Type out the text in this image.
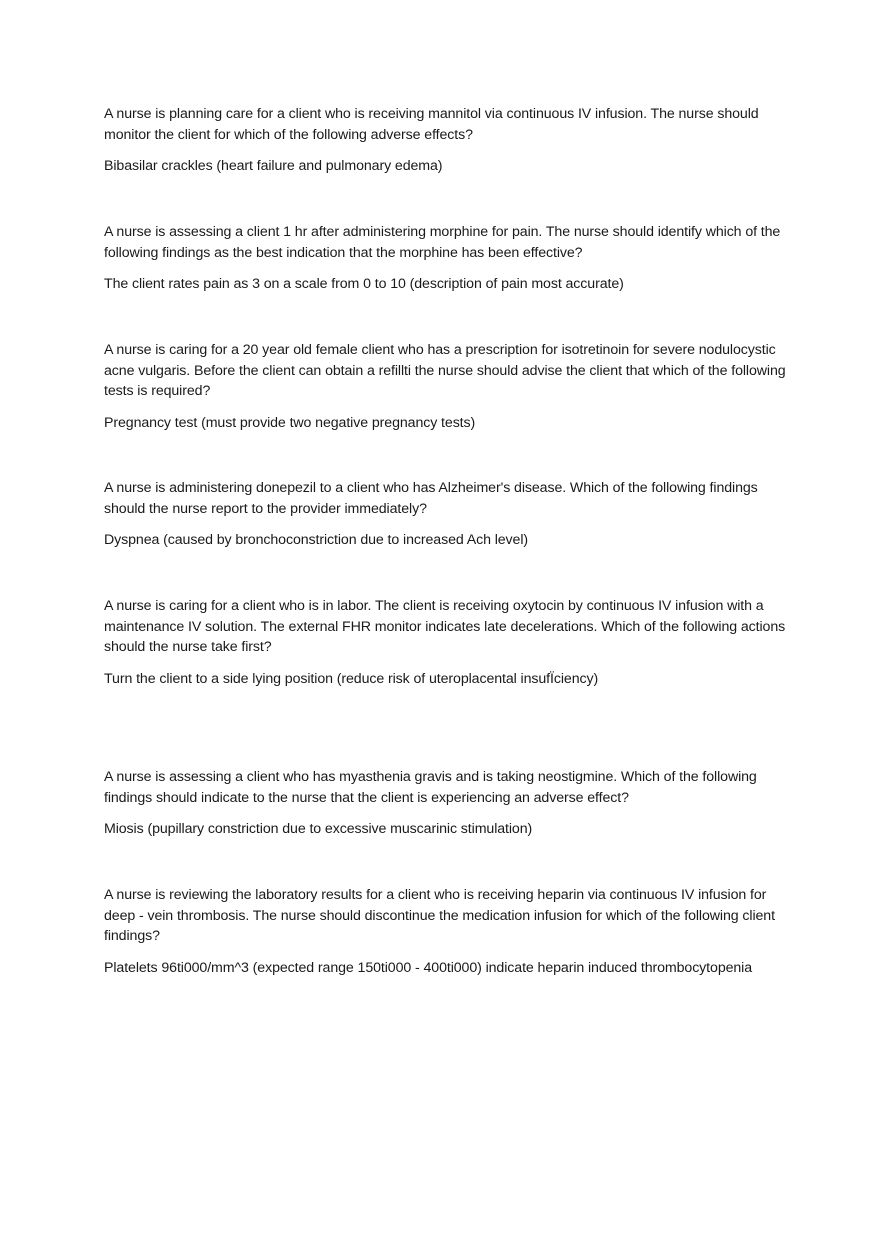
A nurse is planning care for a client who is receiving mannitol via continuous IV infusion. The nurse should monitor the client for which of the following adverse effects?

Bibasilar crackles (heart failure and pulmonary edema)

A nurse is assessing a client 1 hr after administering morphine for pain. The nurse should identify which of the following findings as the best indication that the morphine has been effective?

The client rates pain as 3 on a scale from 0 to 10 (description of pain most accurate)

A nurse is caring for a 20 year old female client who has a prescription for isotretinoin for severe nodulocystic acne vulgaris. Before the client can obtain a refillti the nurse should advise the client that which of the following tests is required?

Pregnancy test (must provide two negative pregnancy tests)

A nurse is administering donepezil to a client who has Alzheimer's disease. Which of the following findings should the nurse report to the provider immediately?

Dyspnea (caused by bronchoconstriction due to increased Ach level)

A nurse is caring for a client who is in labor. The client is receiving oxytocin by continuous IV infusion with a maintenance IV solution. The external FHR monitor indicates late decelerations. Which of the following actions should the nurse take first?

Turn the client to a side lying position (reduce risk of uteroplacental insufÏciency)

A nurse is assessing a client who has myasthenia gravis and is taking neostigmine. Which of the following findings should indicate to the nurse that the client is experiencing an adverse effect?

Miosis (pupillary constriction due to excessive muscarinic stimulation)

A nurse is reviewing the laboratory results for a client who is receiving heparin via continuous IV infusion for deep - vein thrombosis. The nurse should discontinue the medication infusion for which of the following client findings?

Platelets 96ti000/mm^3 (expected range 150ti000 - 400ti000) indicate heparin induced thrombocytopenia
